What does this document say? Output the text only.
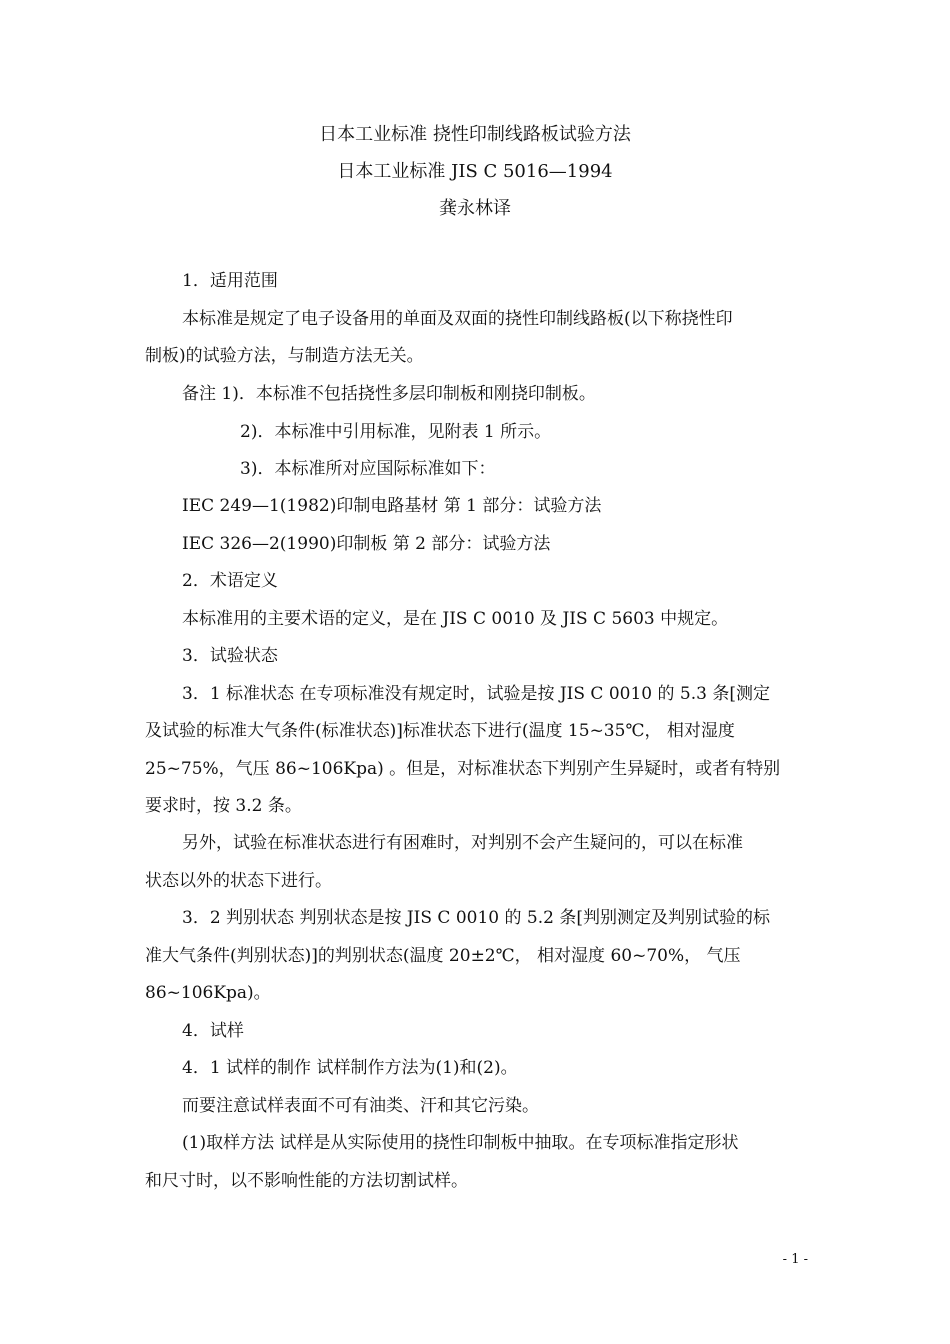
日本工业标准 挠性印制线路板试验方法
日本工业标准 JIS C 5016—1994
龚永林译
1．适用范围
本标准是规定了电子设备用的单面及双面的挠性印制线路板(以下称挠性印
制板)的试验方法，与制造方法无关。
备注 1)．本标准不包括挠性多层印制板和刚挠印制板。
2)．本标准中引用标准，见附表 1 所示。
3)．本标准所对应国际标准如下：
IEC 249—1(1982)印制电路基材 第 1 部分：试验方法
IEC 326—2(1990)印制板 第 2 部分：试验方法
2．术语定义
本标准用的主要术语的定义，是在 JIS C 0010 及 JIS C 5603 中规定。
3．试验状态
3．1 标准状态 在专项标准没有规定时，试验是按 JIS C 0010 的 5.3 条[测定
及试验的标准大气条件(标准状态)]标准状态下进行(温度 15~35℃， 相对湿度
25~75%，气压 86~106Kpa) 。但是，对标准状态下判别产生异疑时，或者有特别
要求时，按 3.2 条。
另外，试验在标准状态进行有困难时，对判别不会产生疑问的，可以在标准
状态以外的状态下进行。
3．2 判别状态 判别状态是按 JIS C 0010 的 5.2 条[判别测定及判别试验的标
准大气条件(判别状态)]的判别状态(温度 20±2℃， 相对湿度 60~70%， 气压
86~106Kpa)。
4．试样
4．1 试样的制作 试样制作方法为(1)和(2)。
而要注意试样表面不可有油类、汗和其它污染。
(1)取样方法 试样是从实际使用的挠性印制板中抽取。在专项标准指定形状
和尺寸时，以不影响性能的方法切割试样。
- 1 -
